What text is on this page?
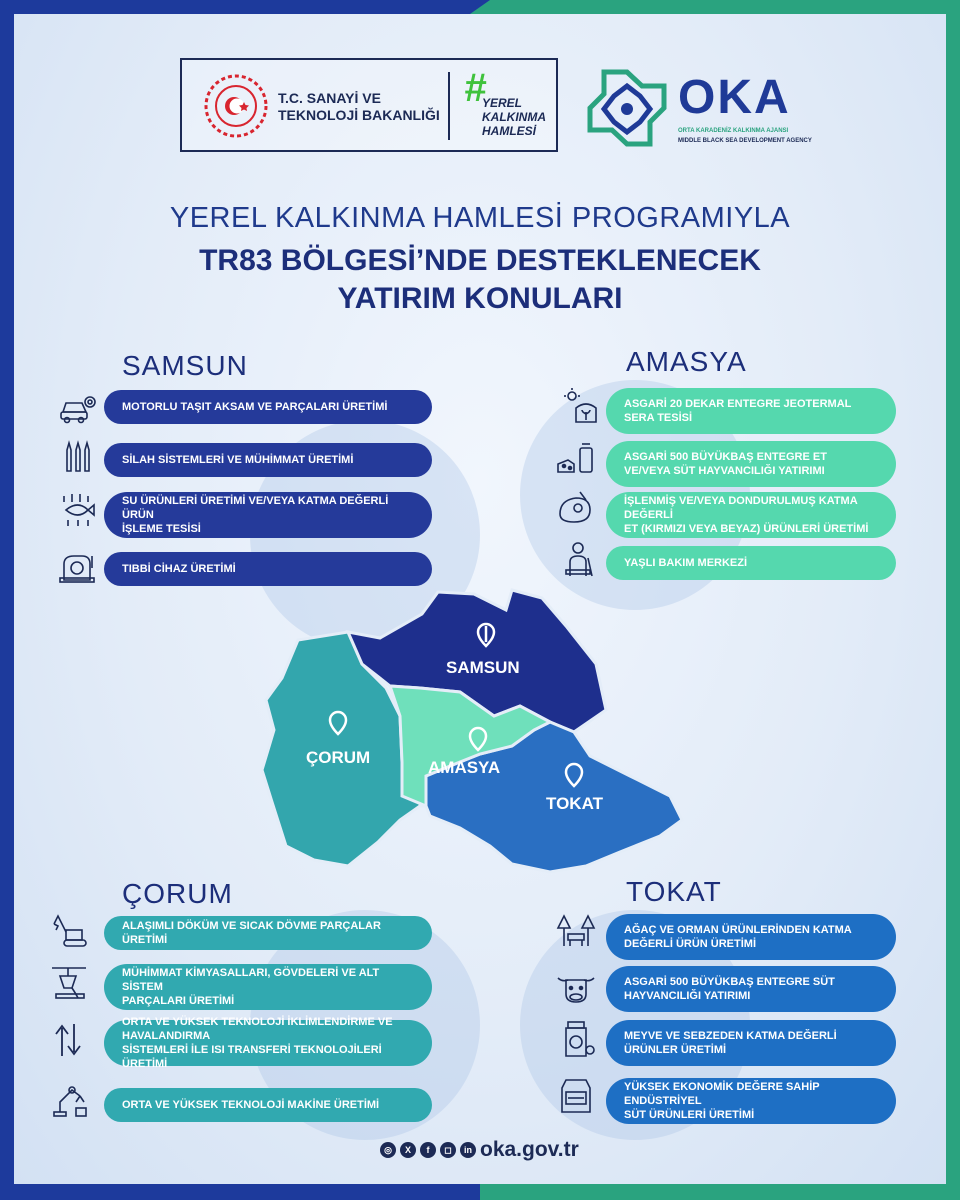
T.C. SANAYİ VE
TEKNOLOJİ BAKANLIĞI
#
YEREL
KALKINMA
HAMLESİ
OKA
ORTA KARADENİZ KALKINMA AJANSI
MIDDLE BLACK SEA DEVELOPMENT AGENCY
YEREL KALKINMA HAMLESİ PROGRAMIYLA
TR83 BÖLGESİ’NDE DESTEKLENECEK
YATIRIM KONULARI
SAMSUN
MOTORLU TAŞIT AKSAM VE PARÇALARI ÜRETİMİ
SİLAH SİSTEMLERİ VE MÜHİMMAT ÜRETİMİ
SU ÜRÜNLERİ ÜRETİMİ VE/VEYA KATMA DEĞERLİ ÜRÜN
İŞLEME TESİSİ
TIBBİ CİHAZ ÜRETİMİ
AMASYA
ASGARİ 20 DEKAR ENTEGRE JEOTERMAL
SERA TESİSİ
ASGARİ 500 BÜYÜKBAŞ ENTEGRE ET
VE/VEYA SÜT HAYVANCILIĞI YATIRIMI
İŞLENMİŞ VE/VEYA DONDURULMUŞ KATMA DEĞERLİ
ET (KIRMIZI VEYA BEYAZ) ÜRÜNLERİ ÜRETİMİ
YAŞLI BAKIM MERKEZİ
SAMSUN
ÇORUM
AMASYA
TOKAT
ÇORUM
ALAŞIMLI DÖKÜM VE SICAK DÖVME PARÇALAR ÜRETİMİ
MÜHİMMAT KİMYASALLARI, GÖVDELERİ VE ALT SİSTEM
PARÇALARI ÜRETİMİ
ORTA VE YÜKSEK TEKNOLOJİ İKLİMLENDİRME VE HAVALANDIRMA
SİSTEMLERİ İLE ISI TRANSFERİ TEKNOLOJİLERİ ÜRETİMİ
ORTA VE YÜKSEK TEKNOLOJİ MAKİNE ÜRETİMİ
TOKAT
AĞAÇ VE ORMAN ÜRÜNLERİNDEN KATMA
DEĞERLİ ÜRÜN ÜRETİMİ
ASGARİ 500 BÜYÜKBAŞ ENTEGRE SÜT
HAYVANCILIĞI YATIRIMI
MEYVE VE SEBZEDEN KATMA DEĞERLİ
ÜRÜNLER ÜRETİMİ
YÜKSEK EKONOMİK DEĞERE SAHİP ENDÜSTRİYEL
SÜT ÜRÜNLERİ ÜRETİMİ
◎	X	f	◻	in oka.gov.tr
